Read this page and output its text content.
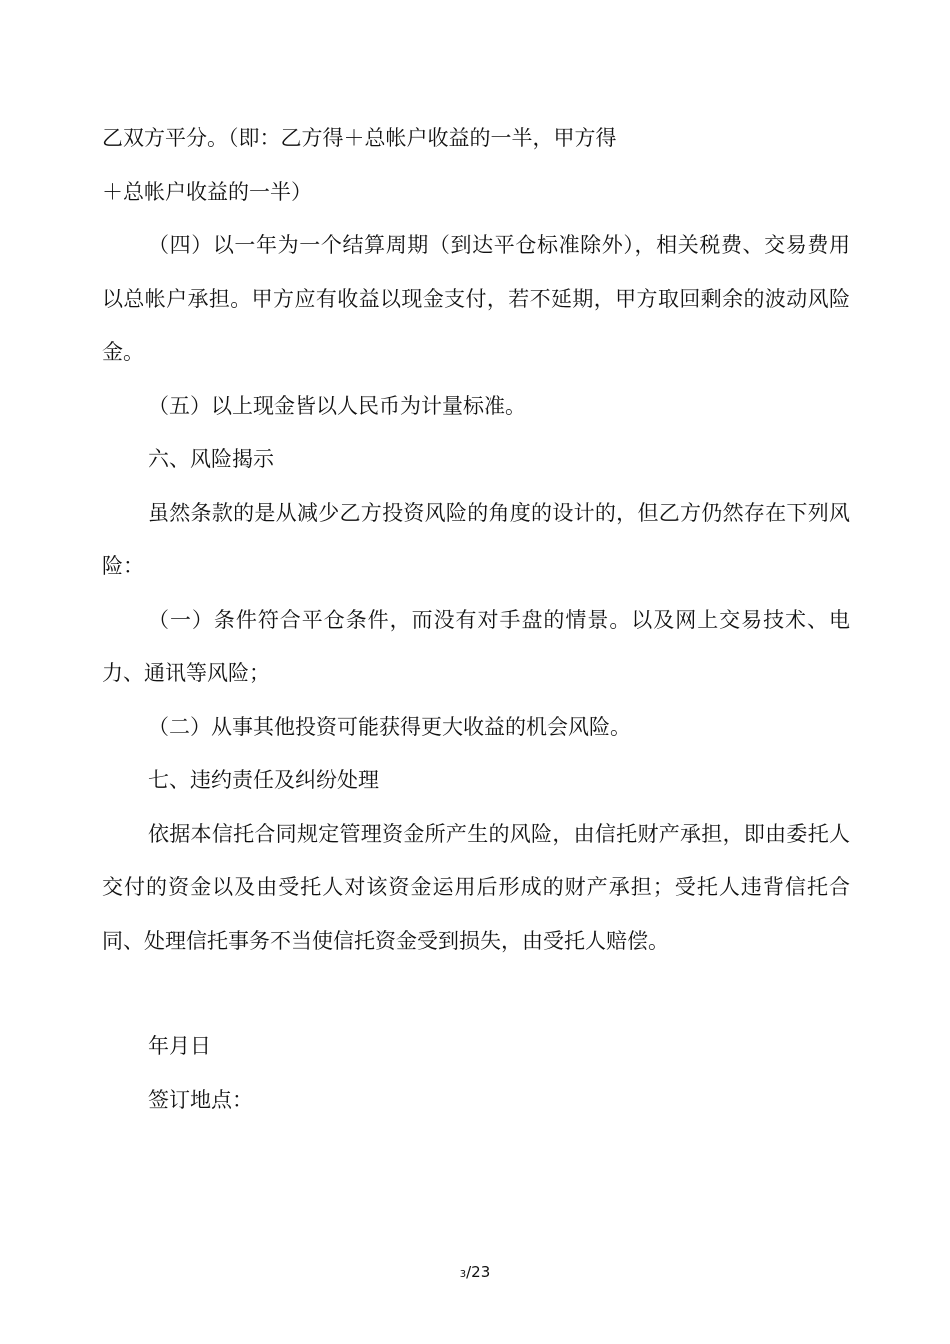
乙双方平分。（即：乙方得＋总帐户收益的一半，甲方得
＋总帐户收益的一半）

（四）以一年为一个结算周期（到达平仓标准除外），相关税费、交易费用以总帐户承担。甲方应有收益以现金支付，若不延期，甲方取回剩余的波动风险金。

（五）以上现金皆以人民币为计量标准。

六、风险揭示

虽然条款的是从减少乙方投资风险的角度的设计的，但乙方仍然存在下列风险：

（一）条件符合平仓条件，而没有对手盘的情景。以及网上交易技术、电力、通讯等风险；

（二）从事其他投资可能获得更大收益的机会风险。

七、违约责任及纠纷处理

依据本信托合同规定管理资金所产生的风险，由信托财产承担，即由委托人交付的资金以及由受托人对该资金运用后形成的财产承担；受托人违背信托合同、处理信托事务不当使信托资金受到损失，由受托人赔偿。

年月日

签订地点：

3/23
